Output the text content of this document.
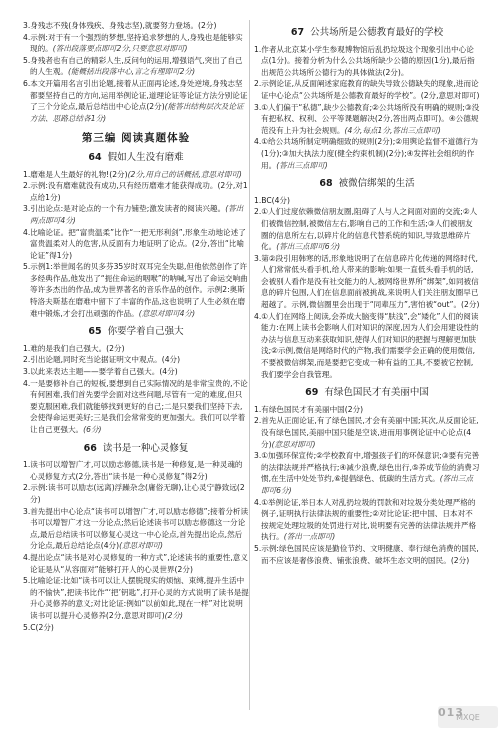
3.身残志不残(身体残疾、身残志坚),就要努力登场。(2分)

4.示例:对于有一个强烈的梦想,坚持追求梦想的人,身残也是能够实现的。(答出段落要点即可2分,只要意思对即可)

5.身残者也有自己的精彩人生,反问句的运用,增强语气,突出了自己的人生观。(能概括出段落中心,言之有理即可2分)

6.本文开篇用名言引出论题,接着从正面再论述,身处逆境,身残志坚都要坚持自己的方向,运用举例论证,道理论证等论证方法分别论证了三个分论点,最后总结出中心论点(2分)(能答出结构层次及论证方法、思路总结各1分)

第三编 阅读真题体验
64 假如人生没有磨难

1.磨难是人生最好的礼物!(2分)(2分,用自己的话概括,意思对即可)

2.示例:没有磨难就没有成功,只有经历磨难才能获得成功。(2分,对1点给1分)

3.引出论点:是对论点的一个有力铺垫;激发读者的阅读兴趣。(答出两点即可4分)

4.比喻论证。把“富贵温柔”比作“一把无形利剑”,形象生动地论述了富贵温柔对人的危害,从反面有力地证明了论点。(2分,答出“比喻论证”得1分)

5.示例1:举世闻名的贝多芬35岁时双耳完全失聪,但他依然创作了许多经典作品,他发出了“扼住命运的咽喉”的呐喊,写出了命运交响曲等许多杰出的作品,成为世界著名的音乐作品的创作。示例2:奥斯特洛夫斯基在磨难中留下了丰富的作品,这也说明了人生必须在磨难中锻炼,才会打出顽强的作品。(意思对即可4分)

65 你要学着自己强大

1.难的是我们自己强大。(2分)

2.引出论题,同时充当论据证明文中观点。(4分)

3.以此来表达主题——要学着自己强大。(4分)

4.一是要修补自己的短板,要想到自己实际情况的是非常宝贵的,不论有何困难,我们首先要学会面对这些问题,尽管有一定的难度,但只要克服困难,我们就能够找到更好的自己;二是只要我们坚持下去,会使得命运更美好;三是我们会常常变的更加强大。我们可以学着让自己更强大。(6分)

66 读书是一种心灵修复

1.读书可以增智广才,可以励志修德,读书是一种修复,是一种灵魂的心灵修复方式(2分,答出“读书是一种心灵修复”得2分)

2.示例:读书可以励志(远离)浮躁杂念(庸俗无聊),让心灵宁静致远(2分)

3.首先提出中心论点“读书可以增智广才,可以励志修德”;接着分析读书可以增智广才这一分论点;然后论述读书可以励志修德这一分论点,最后总结读书可以修复心灵这一中心论点,首先提出论点,然后分论点,最后总结论点(4分)(意思对即可)

4.提出论点“读书是对心灵修复的一种方式”,论述读书的重要性,意义论证是从“从容面对”能够打开人的心灵世界(2分)

5.比喻论证:比如“读书可以让人摆脱现实的烦恼、束缚,提升生活中的不愉快”,把读书比作“‘把’钥匙”,打开心灵的方式说明了读书是提升心灵修养的意义;对比论证:例如“以前如此,现在一样”对比说明读书可以提升心灵修养(2分,意思对即可)(2分)

5.C(2分)

67 公共场所是公德教育最好的学校

1.作者从北京某小学生参观博物馆后乱扔垃圾这个现象引出中心论点(1分)。接着分析为什么公共场所缺少公德的原因(1分),最后指出规范公共场所公德行为的具体做法(2分)。

2.示例论证,从反面阐述家庭教育的缺失导致公德缺失的现象,进而论证中心论点“公共场所是公德教育最好的学校”。(2分,意思对即可)

3.①人们偏于“私德”,缺少公德教育;②公共场所没有明确的规则;③没有把私权、权利、公平等课题解决(2分,答出两点即可)。④公德规范没有上升为社会规则。(4分,每点1分,答出三点即可)

4.①给公共场所制定明确细致的规则(2分);②用舆论监督不道德行为(1分);③加大执法力度(健全约束机制)(2分);④发挥社会组织的作用。(答出三点即可)

68 被微信绑架的生活

1.BC(4分)

2.①人们过度依赖微信朋友圈,阻碍了人与人之间面对面的交流;②人们被微信控制,被微信左右,影响自己的工作和生活;③人们被朋友圈的信息所左右,以碎片化的信息代替系统的知识,导致思维碎片化。(答出三点即可6分)

3.第②段引用韩寒的话,形象地说明了在信息碎片化传递的网络时代,人们常常低头看手机,给人带来的影响:如果一直低头看手机的话,会被别人看作是没有社交能力的人,被网络世界所“绑架”,如同被信息的碎片包围,人们在信息面前被挑战,来说明人们关注朋友圈早已超越了。示例,微信圈里会出现于“同辈压力”,害怕被“out”。(2分)

4.①人们在网络上阅读,会养成大脑变得“肤浅”,会“矮化”人们的阅读能力:在网上读书会影响人们对知识的深度,因为人们会用建设性的办法与信息互动来获取知识,使得人们对知识的把握与理解更加肤浅;②示例,微信是网络时代的产物,我们需要学会正确的使用微信,不要被微信绑架,而是要把它变成一种有益的工具,不要被它控制,我们要学会自我管理。

69 有绿色国民才有美丽中国

1.有绿色国民才有美丽中国(2分)

2.首先从正面论证,有了绿色国民,才会有美丽中国;其次,从反面论证,没有绿色国民,美丽中国只能是空谈,进而用事例论证中心论点(4分)(意思对即可)

3.①加强环保宣传;②学校教育中,增强孩子们的环保意识;③要有完善的法律法规并严格执行;④减少浪费,绿色出行,⑤养成节俭的消费习惯,在生活中处处节约,⑥提倡绿色、低碳的生活方式。(答出三点即可6分)

4.①举例论证,举日本人对乱扔垃圾的罚款和对垃圾分类处理严格的例子,证明执行法律法规的重要性;②对比论证:把中国、日本对不按规定处理垃圾的处罚进行对比,说明要有完善的法律法规并严格执行。(答出一点即可)

5.示例:绿色国民应该是勤俭节约、文明健康、奉行绿色消费的国民,而不应该是奢侈浪费、铺张浪费、破坏生态文明的国民。(2分)

MXQE
